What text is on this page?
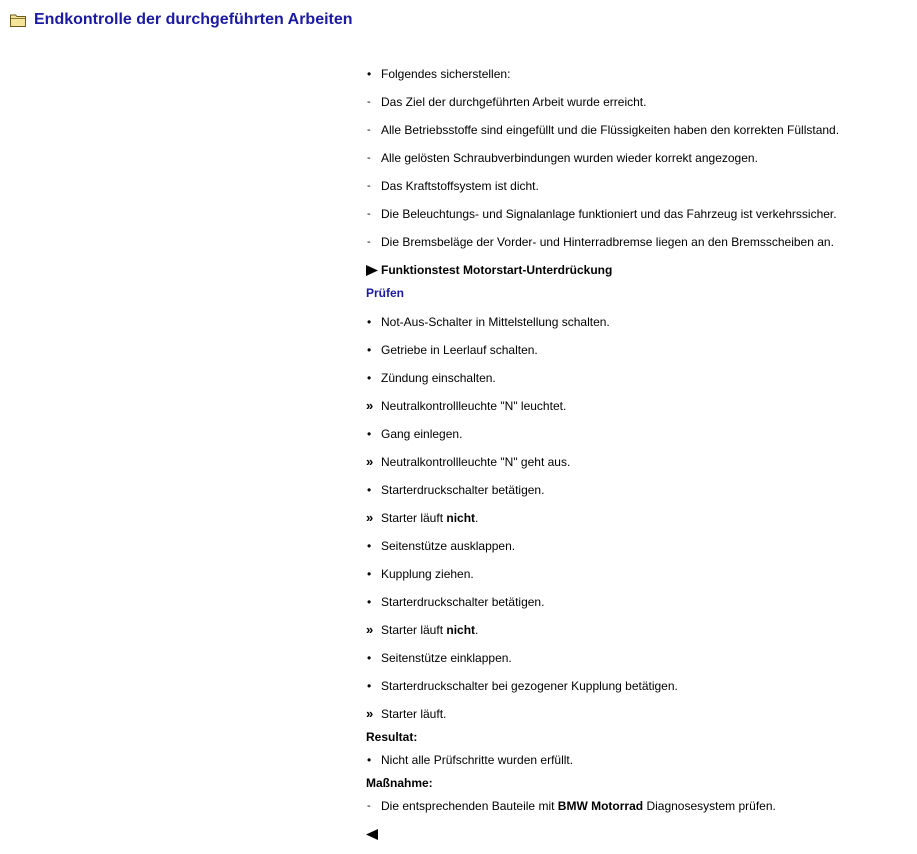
Endkontrolle der durchgeführten Arbeiten
• Folgendes sicherstellen:
- Das Ziel der durchgeführten Arbeit wurde erreicht.
- Alle Betriebsstoffe sind eingefüllt und die Flüssigkeiten haben den korrekten Füllstand.
- Alle gelösten Schraubverbindungen wurden wieder korrekt angezogen.
- Das Kraftstoffsystem ist dicht.
- Die Beleuchtungs- und Signalanlage funktioniert und das Fahrzeug ist verkehrssicher.
- Die Bremsbeläge der Vorder- und Hinterradbremse liegen an den Bremsscheiben an.
Funktionstest Motorstart-Unterdrückung
Prüfen
• Not-Aus-Schalter in Mittelstellung schalten.
• Getriebe in Leerlauf schalten.
• Zündung einschalten.
» Neutralkontrollleuchte "N" leuchtet.
• Gang einlegen.
» Neutralkontrollleuchte "N" geht aus.
• Starterdruckschalter betätigen.
» Starter läuft nicht.
• Seitenstütze ausklappen.
• Kupplung ziehen.
• Starterdruckschalter betätigen.
» Starter läuft nicht.
• Seitenstütze einklappen.
• Starterdruckschalter bei gezogener Kupplung betätigen.
» Starter läuft.
Resultat:
• Nicht alle Prüfschritte wurden erfüllt.
Maßnahme:
- Die entsprechenden Bauteile mit BMW Motorrad Diagnosesystem prüfen.
